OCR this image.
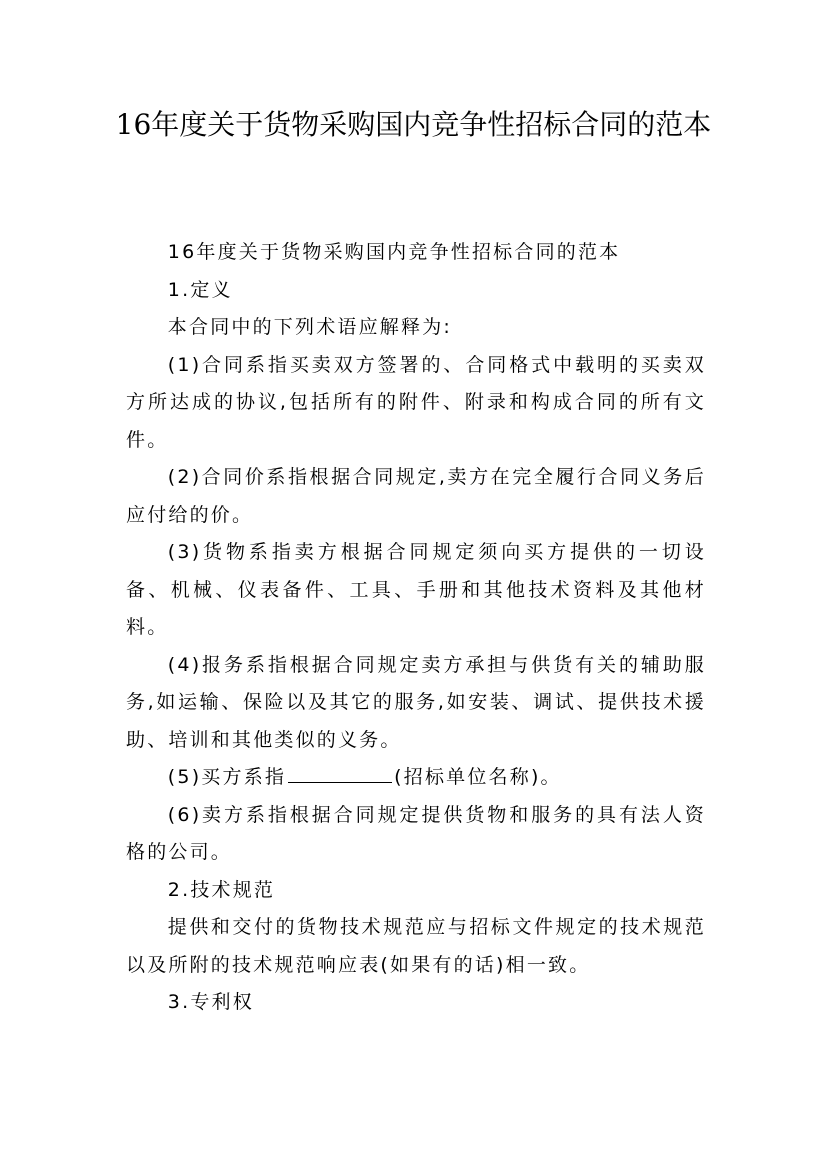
16年度关于货物采购国内竞争性招标合同的范本

16年度关于货物采购国内竞争性招标合同的范本

1.定义

本合同中的下列术语应解释为:

(1)合同系指买卖双方签署的、合同格式中载明的买卖双方所达成的协议,包括所有的附件、附录和构成合同的所有文件。

(2)合同价系指根据合同规定,卖方在完全履行合同义务后应付给的价。

(3)货物系指卖方根据合同规定须向买方提供的一切设备、机械、仪表备件、工具、手册和其他技术资料及其他材料。

(4)报务系指根据合同规定卖方承担与供货有关的辅助服务,如运输、保险以及其它的服务,如安装、调试、提供技术援助、培训和其他类似的义务。

(5)买方系指	(招标单位名称)。

(6)卖方系指根据合同规定提供货物和服务的具有法人资格的公司。

2.技术规范

提供和交付的货物技术规范应与招标文件规定的技术规范以及所附的技术规范响应表(如果有的话)相一致。

3.专利权
